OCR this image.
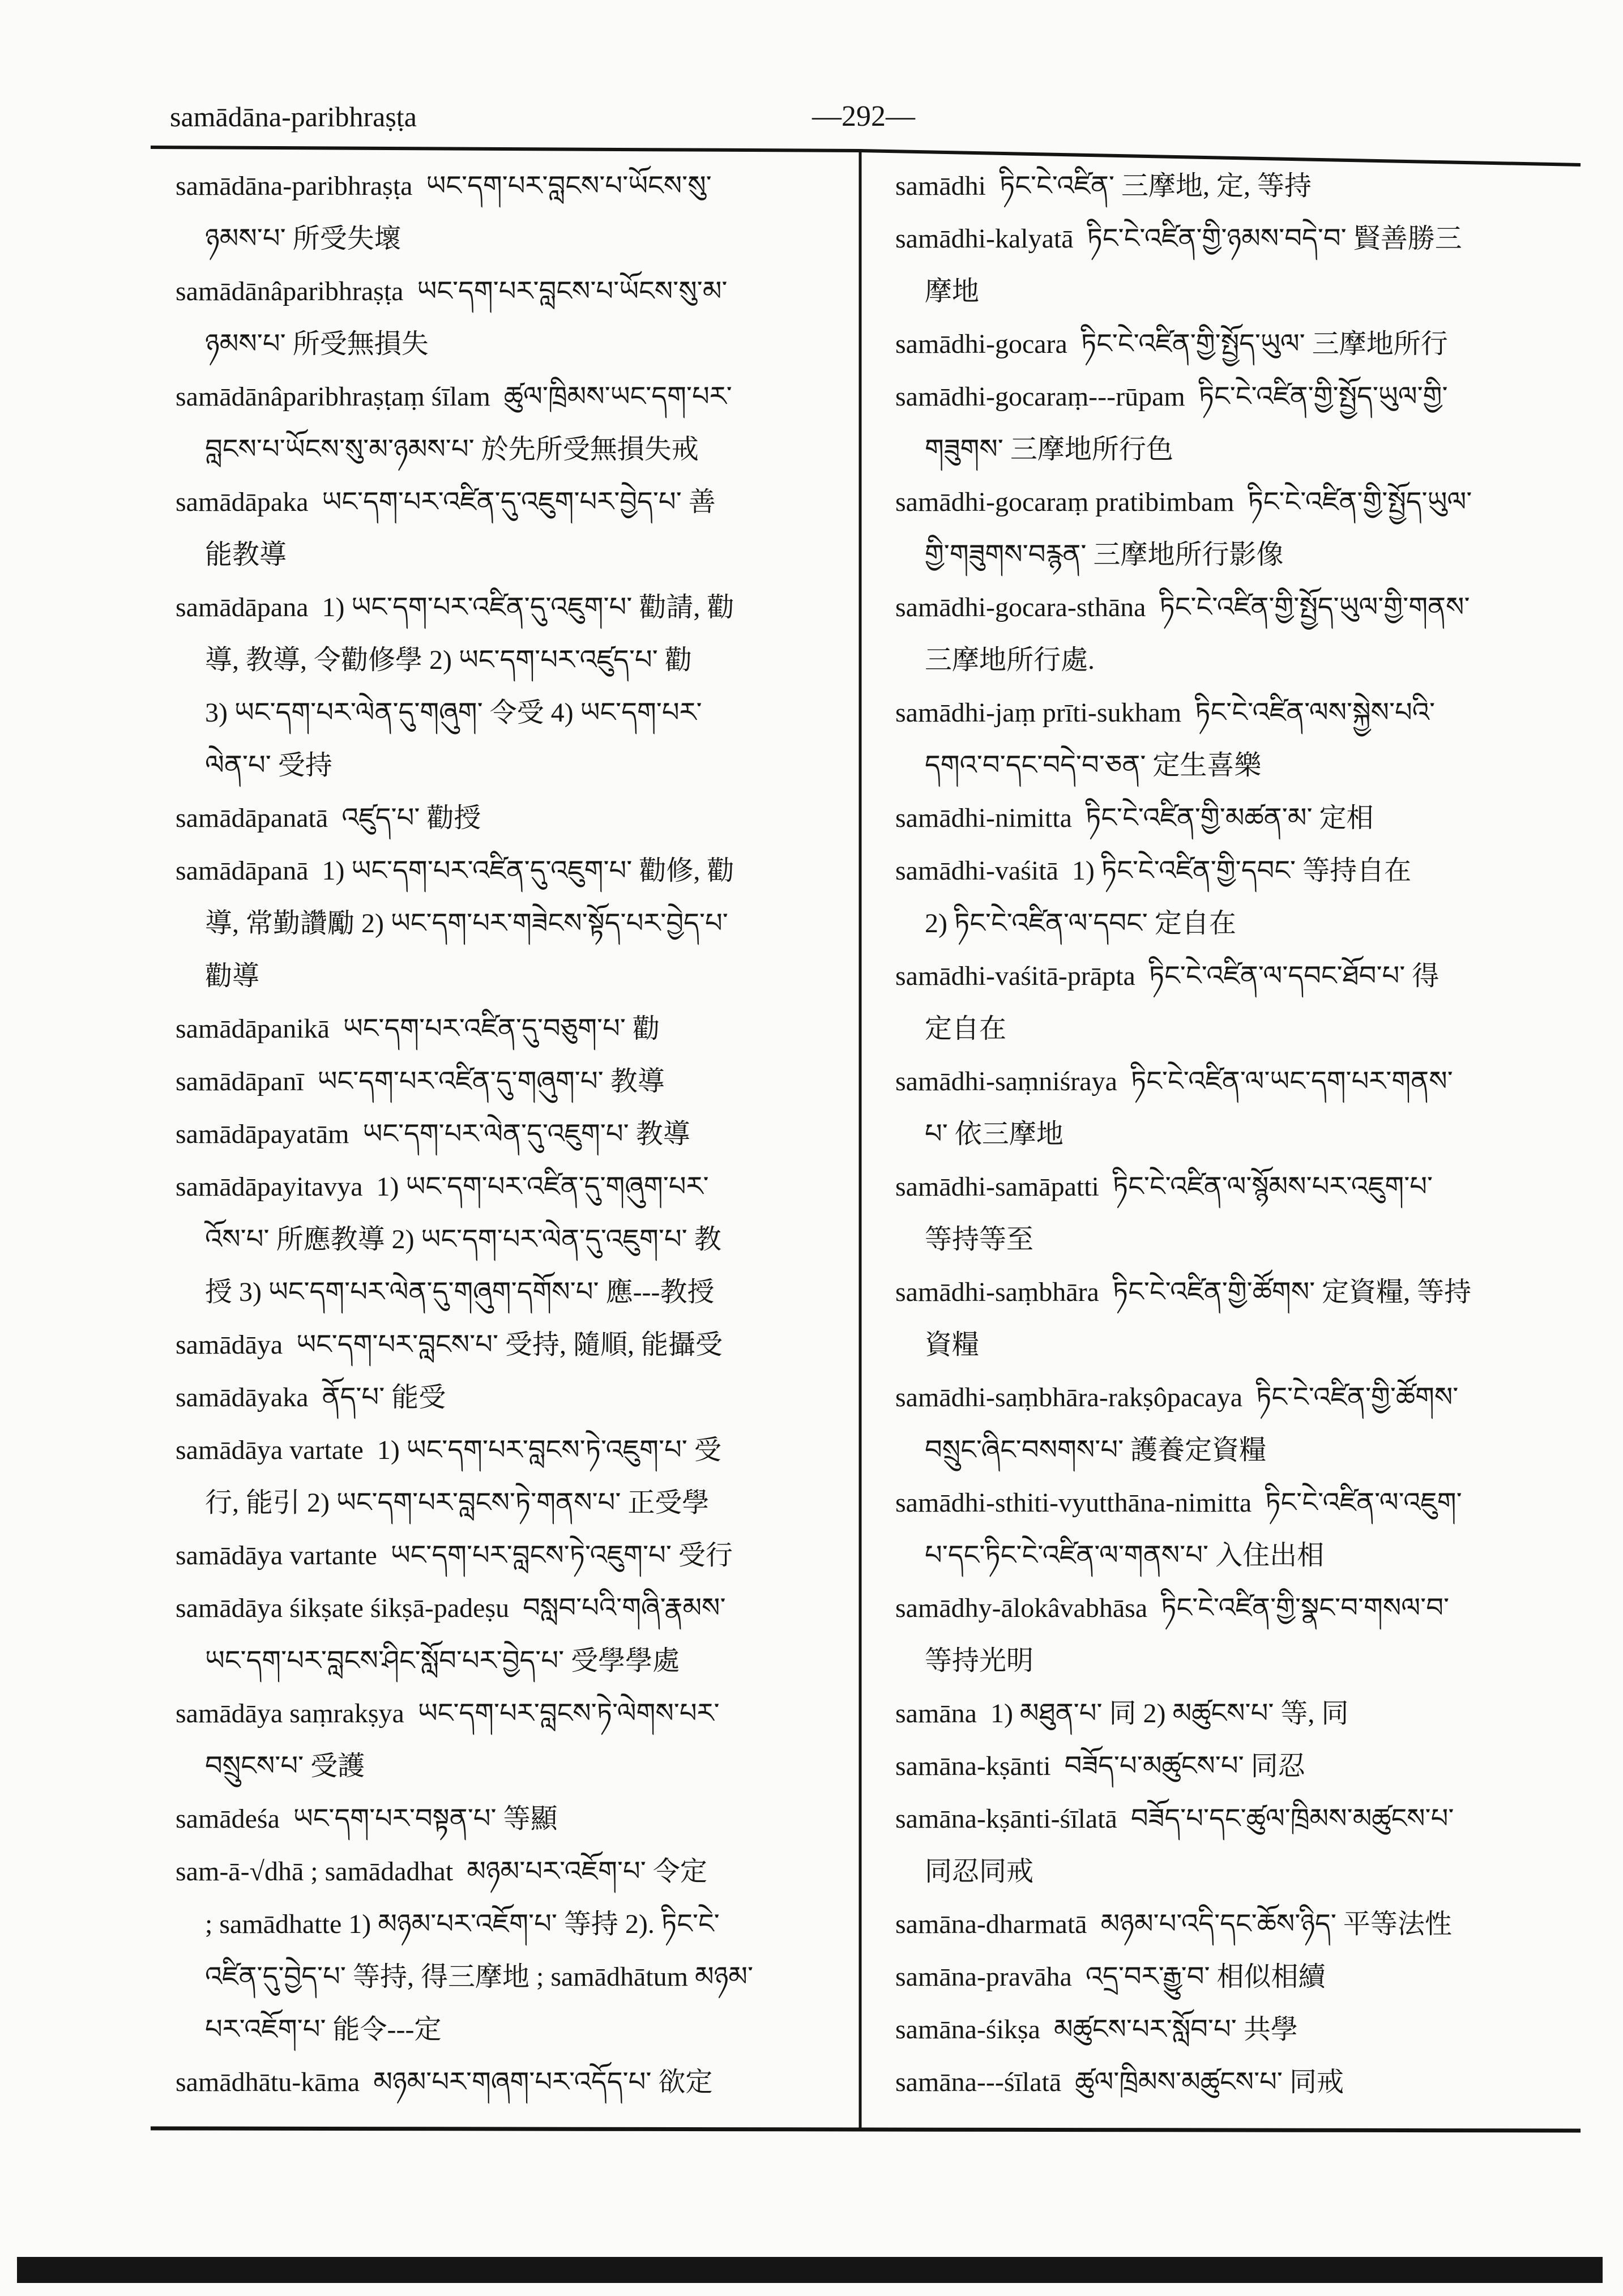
samādāna-paribhraṣṭa	—292—
samādāna-paribhraṣṭa ཡང་དག་པར་བླངས་པ་ཡོངས་སུ་
ཉམས་པ་ 所受失壞
samādānâparibhraṣṭa ཡང་དག་པར་བླངས་པ་ཡོངས་སུ་མ་
ཉམས་པ་ 所受無損失
samādānâparibhraṣṭaṃ śīlam ཚུལ་ཁྲིམས་ཡང་དག་པར་
བླངས་པ་ཡོངས་སུ་མ་ཉམས་པ་ 於先所受無損失戒
samādāpaka ཡང་དག་པར་འཛིན་དུ་འཇུག་པར་བྱེད་པ་ 善
能教導
samādāpana 1) ཡང་དག་པར་འཛིན་དུ་འཇུག་པ་ 勸請, 勸
導, 教導, 令勸修學 2) ཡང་དག་པར་འཛུད་པ་ 勸
3) ཡང་དག་པར་ལེན་དུ་གཞུག་ 令受 4) ཡང་དག་པར་
ལེན་པ་ 受持
samādāpanatā འཛུད་པ་ 勸授
samādāpanā 1) ཡང་དག་པར་འཛིན་དུ་འཇུག་པ་ 勸修, 勸
導, 常勤讚勵 2) ཡང་དག་པར་གཟེངས་སྟོད་པར་བྱེད་པ་
勸導
samādāpanikā ཡང་དག་པར་འཛིན་དུ་བཅུག་པ་ 勸
samādāpanī ཡང་དག་པར་འཛིན་དུ་གཞུག་པ་ 教導
samādāpayatām ཡང་དག་པར་ལེན་དུ་འཇུག་པ་ 教導
samādāpayitavya 1) ཡང་དག་པར་འཛིན་དུ་གཞུག་པར་
འོས་པ་ 所應教導 2) ཡང་དག་པར་ལེན་དུ་འཇུག་པ་ 教
授 3) ཡང་དག་པར་ལེན་དུ་གཞུག་དགོས་པ་ 應---教授
samādāya ཡང་དག་པར་བླངས་པ་ 受持, 隨順, 能攝受
samādāyaka ནོད་པ་ 能受
samādāya vartate 1) ཡང་དག་པར་བླངས་ཏེ་འཇུག་པ་ 受
行, 能引 2) ཡང་དག་པར་བླངས་ཏེ་གནས་པ་ 正受學
samādāya vartante ཡང་དག་པར་བླངས་ཏེ་འཇུག་པ་ 受行
samādāya śikṣate śikṣā-padeṣu བསླབ་པའི་གཞི་རྣམས་
ཡང་དག་པར་བླངས་ཤིང་སློབ་པར་བྱེད་པ་ 受學學處
samādāya saṃrakṣya ཡང་དག་པར་བླངས་ཏེ་ལེགས་པར་
བསྲུངས་པ་ 受護
samādeśa ཡང་དག་པར་བསྟན་པ་ 等顯
sam-ā-√dhā ; samādadhat མཉམ་པར་འཇོག་པ་ 令定
; samādhatte 1) མཉམ་པར་འཇོག་པ་ 等持 2). ཏིང་ངེ་
འཛིན་དུ་བྱེད་པ་ 等持, 得三摩地 ; samādhātum མཉམ་
པར་འཇོག་པ་ 能令---定
samādhātu-kāma མཉམ་པར་གཞག་པར་འདོད་པ་ 欲定
samādhi ཏིང་ངེ་འཛིན་ 三摩地, 定, 等持
samādhi-kalyatā ཏིང་ངེ་འཛིན་གྱི་ཉམས་བདེ་བ་ 賢善勝三
摩地
samādhi-gocara ཏིང་ངེ་འཛིན་གྱི་སྤྱོད་ཡུལ་ 三摩地所行
samādhi-gocaraṃ---rūpam ཏིང་ངེ་འཛིན་གྱི་སྤྱོད་ཡུལ་གྱི་
གཟུགས་ 三摩地所行色
samādhi-gocaraṃ pratibimbam ཏིང་ངེ་འཛིན་གྱི་སྤྱོད་ཡུལ་
གྱི་གཟུགས་བརྙན་ 三摩地所行影像
samādhi-gocara-sthāna ཏིང་ངེ་འཛིན་གྱི་སྤྱོད་ཡུལ་གྱི་གནས་
三摩地所行處.
samādhi-jaṃ prīti-sukham ཏིང་ངེ་འཛིན་ལས་སྐྱེས་པའི་
དགའ་བ་དང་བདེ་བ་ཅན་ 定生喜樂
samādhi-nimitta ཏིང་ངེ་འཛིན་གྱི་མཚན་མ་ 定相
samādhi-vaśitā 1) ཏིང་ངེ་འཛིན་གྱི་དབང་ 等持自在
2) ཏིང་ངེ་འཛིན་ལ་དབང་ 定自在
samādhi-vaśitā-prāpta ཏིང་ངེ་འཛིན་ལ་དབང་ཐོབ་པ་ 得
定自在
samādhi-saṃniśraya ཏིང་ངེ་འཛིན་ལ་ཡང་དག་པར་གནས་
པ་ 依三摩地
samādhi-samāpatti ཏིང་ངེ་འཛིན་ལ་སྙོམས་པར་འཇུག་པ་
等持等至
samādhi-saṃbhāra ཏིང་ངེ་འཛིན་གྱི་ཚོགས་ 定資糧, 等持
資糧
samādhi-saṃbhāra-rakṣôpacaya ཏིང་ངེ་འཛིན་གྱི་ཚོགས་
བསྲུང་ཞིང་བསགས་པ་ 護養定資糧
samādhi-sthiti-vyutthāna-nimitta ཏིང་ངེ་འཛིན་ལ་འཇུག་
པ་དང་ཏིང་ངེ་འཛིན་ལ་གནས་པ་ 入住出相
samādhy-ālokâvabhāsa ཏིང་ངེ་འཛིན་གྱི་སྣང་བ་གསལ་བ་
等持光明
samāna 1) མཐུན་པ་ 同 2) མཚུངས་པ་ 等, 同
samāna-kṣānti བཟོད་པ་མཚུངས་པ་ 同忍
samāna-kṣānti-śīlatā བཟོད་པ་དང་ཚུལ་ཁྲིམས་མཚུངས་པ་
同忍同戒
samāna-dharmatā མཉམ་པ་འདི་དང་ཆོས་ཉིད་ 平等法性
samāna-pravāha འདྲ་བར་རྒྱུ་བ་ 相似相續
samāna-śikṣa མཚུངས་པར་སློབ་པ་ 共學
samāna---śīlatā ཚུལ་ཁྲིམས་མཚུངས་པ་ 同戒
